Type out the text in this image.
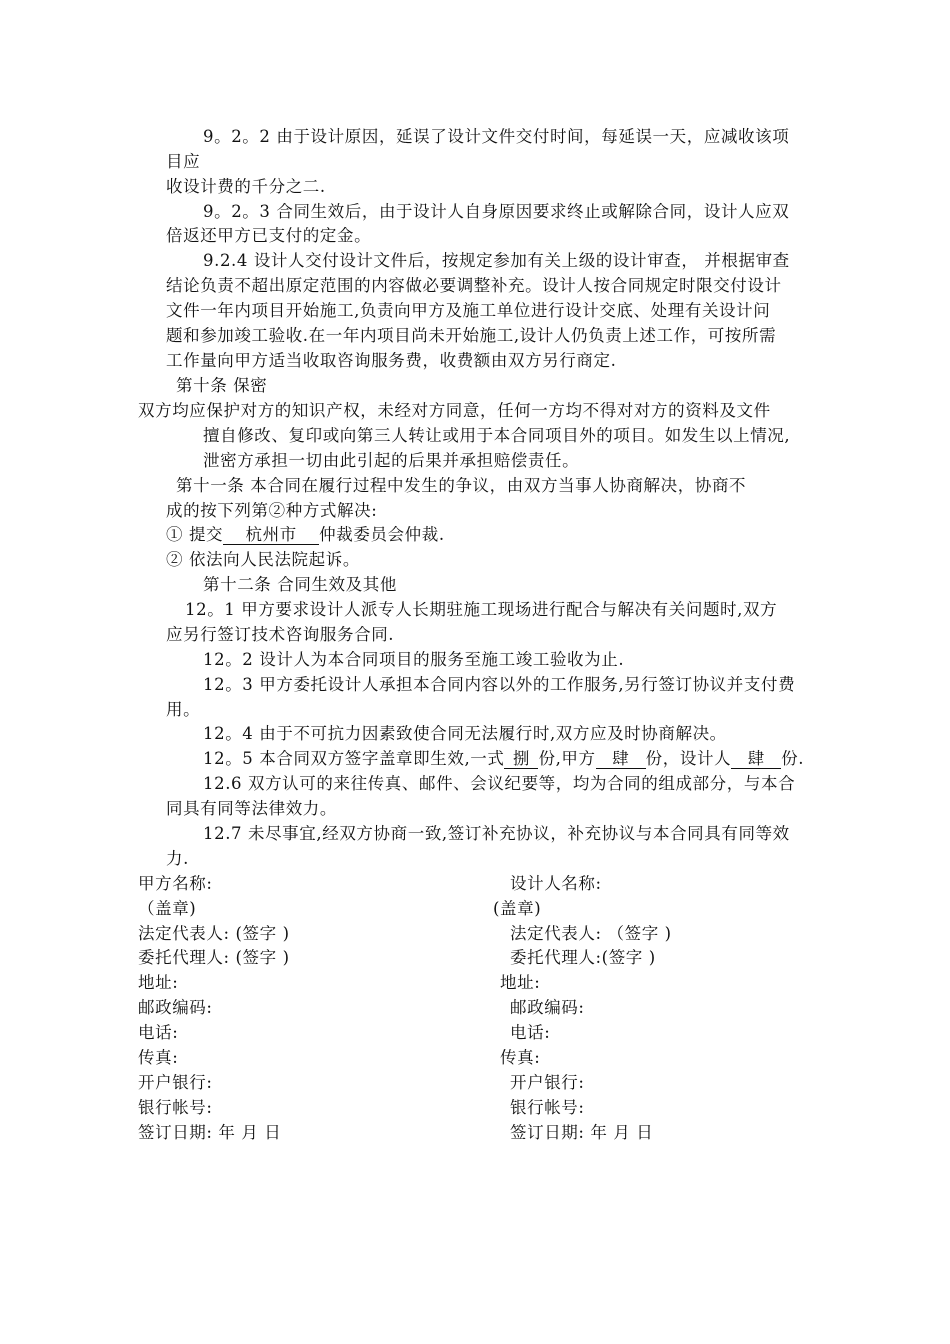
9。2。2 由于设计原因，延误了设计文件交付时间，每延误一天，应减收该项

目应

收设计费的千分之二.

9。2。3 合同生效后，由于设计人自身原因要求终止或解除合同，设计人应双

倍返还甲方已支付的定金。

9.2.4 设计人交付设计文件后，按规定参加有关上级的设计审查， 并根据审查

结论负责不超出原定范围的内容做必要调整补充。设计人按合同规定时限交付设计

文件一年内项目开始施工,负责向甲方及施工单位进行设计交底、处理有关设计问

题和参加竣工验收.在一年内项目尚未开始施工,设计人仍负责上述工作，可按所需

工作量向甲方适当收取咨询服务费，收费额由双方另行商定.

第十条 保密

双方均应保护对方的知识产权，未经对方同意，任何一方均不得对对方的资料及文件

擅自修改、复印或向第三人转让或用于本合同项目外的项目。如发生以上情况,

泄密方承担一切由此引起的后果并承担赔偿责任。

第十一条 本合同在履行过程中发生的争议，由双方当事人协商解决，协商不

成的按下列第②种方式解决:

① 提交 杭州市 仲裁委员会仲裁.

② 依法向人民法院起诉。

第十二条 合同生效及其他

12。1 甲方要求设计人派专人长期驻施工现场进行配合与解决有关问题时,双方

应另行签订技术咨询服务合同.

12。2 设计人为本合同项目的服务至施工竣工验收为止.

12。3 甲方委托设计人承担本合同内容以外的工作服务,另行签订协议并支付费

用。

12。4 由于不可抗力因素致使合同无法履行时,双方应及时协商解决。

12。5 本合同双方签字盖章即生效,一式 捌 份,甲方 肆 份，设计人 肆 份.

12.6 双方认可的来往传真、邮件、会议纪要等，均为合同的组成部分，与本合

同具有同等法律效力。

12.7 未尽事宜,经双方协商一致,签订补充协议，补充协议与本合同具有同等效

力.

甲方名称:

（盖章)

法定代表人: (签字 )

委托代理人: (签字 )

地址:

邮政编码:

电话:

传真:

开户银行:

银行帐号:

签订日期: 年 月 日

设计人名称:

(盖章)

法定代表人: （签字 )

委托代理人:(签字 )

地址:

邮政编码:

电话:

传真:

开户银行:

银行帐号:

签订日期: 年 月 日
